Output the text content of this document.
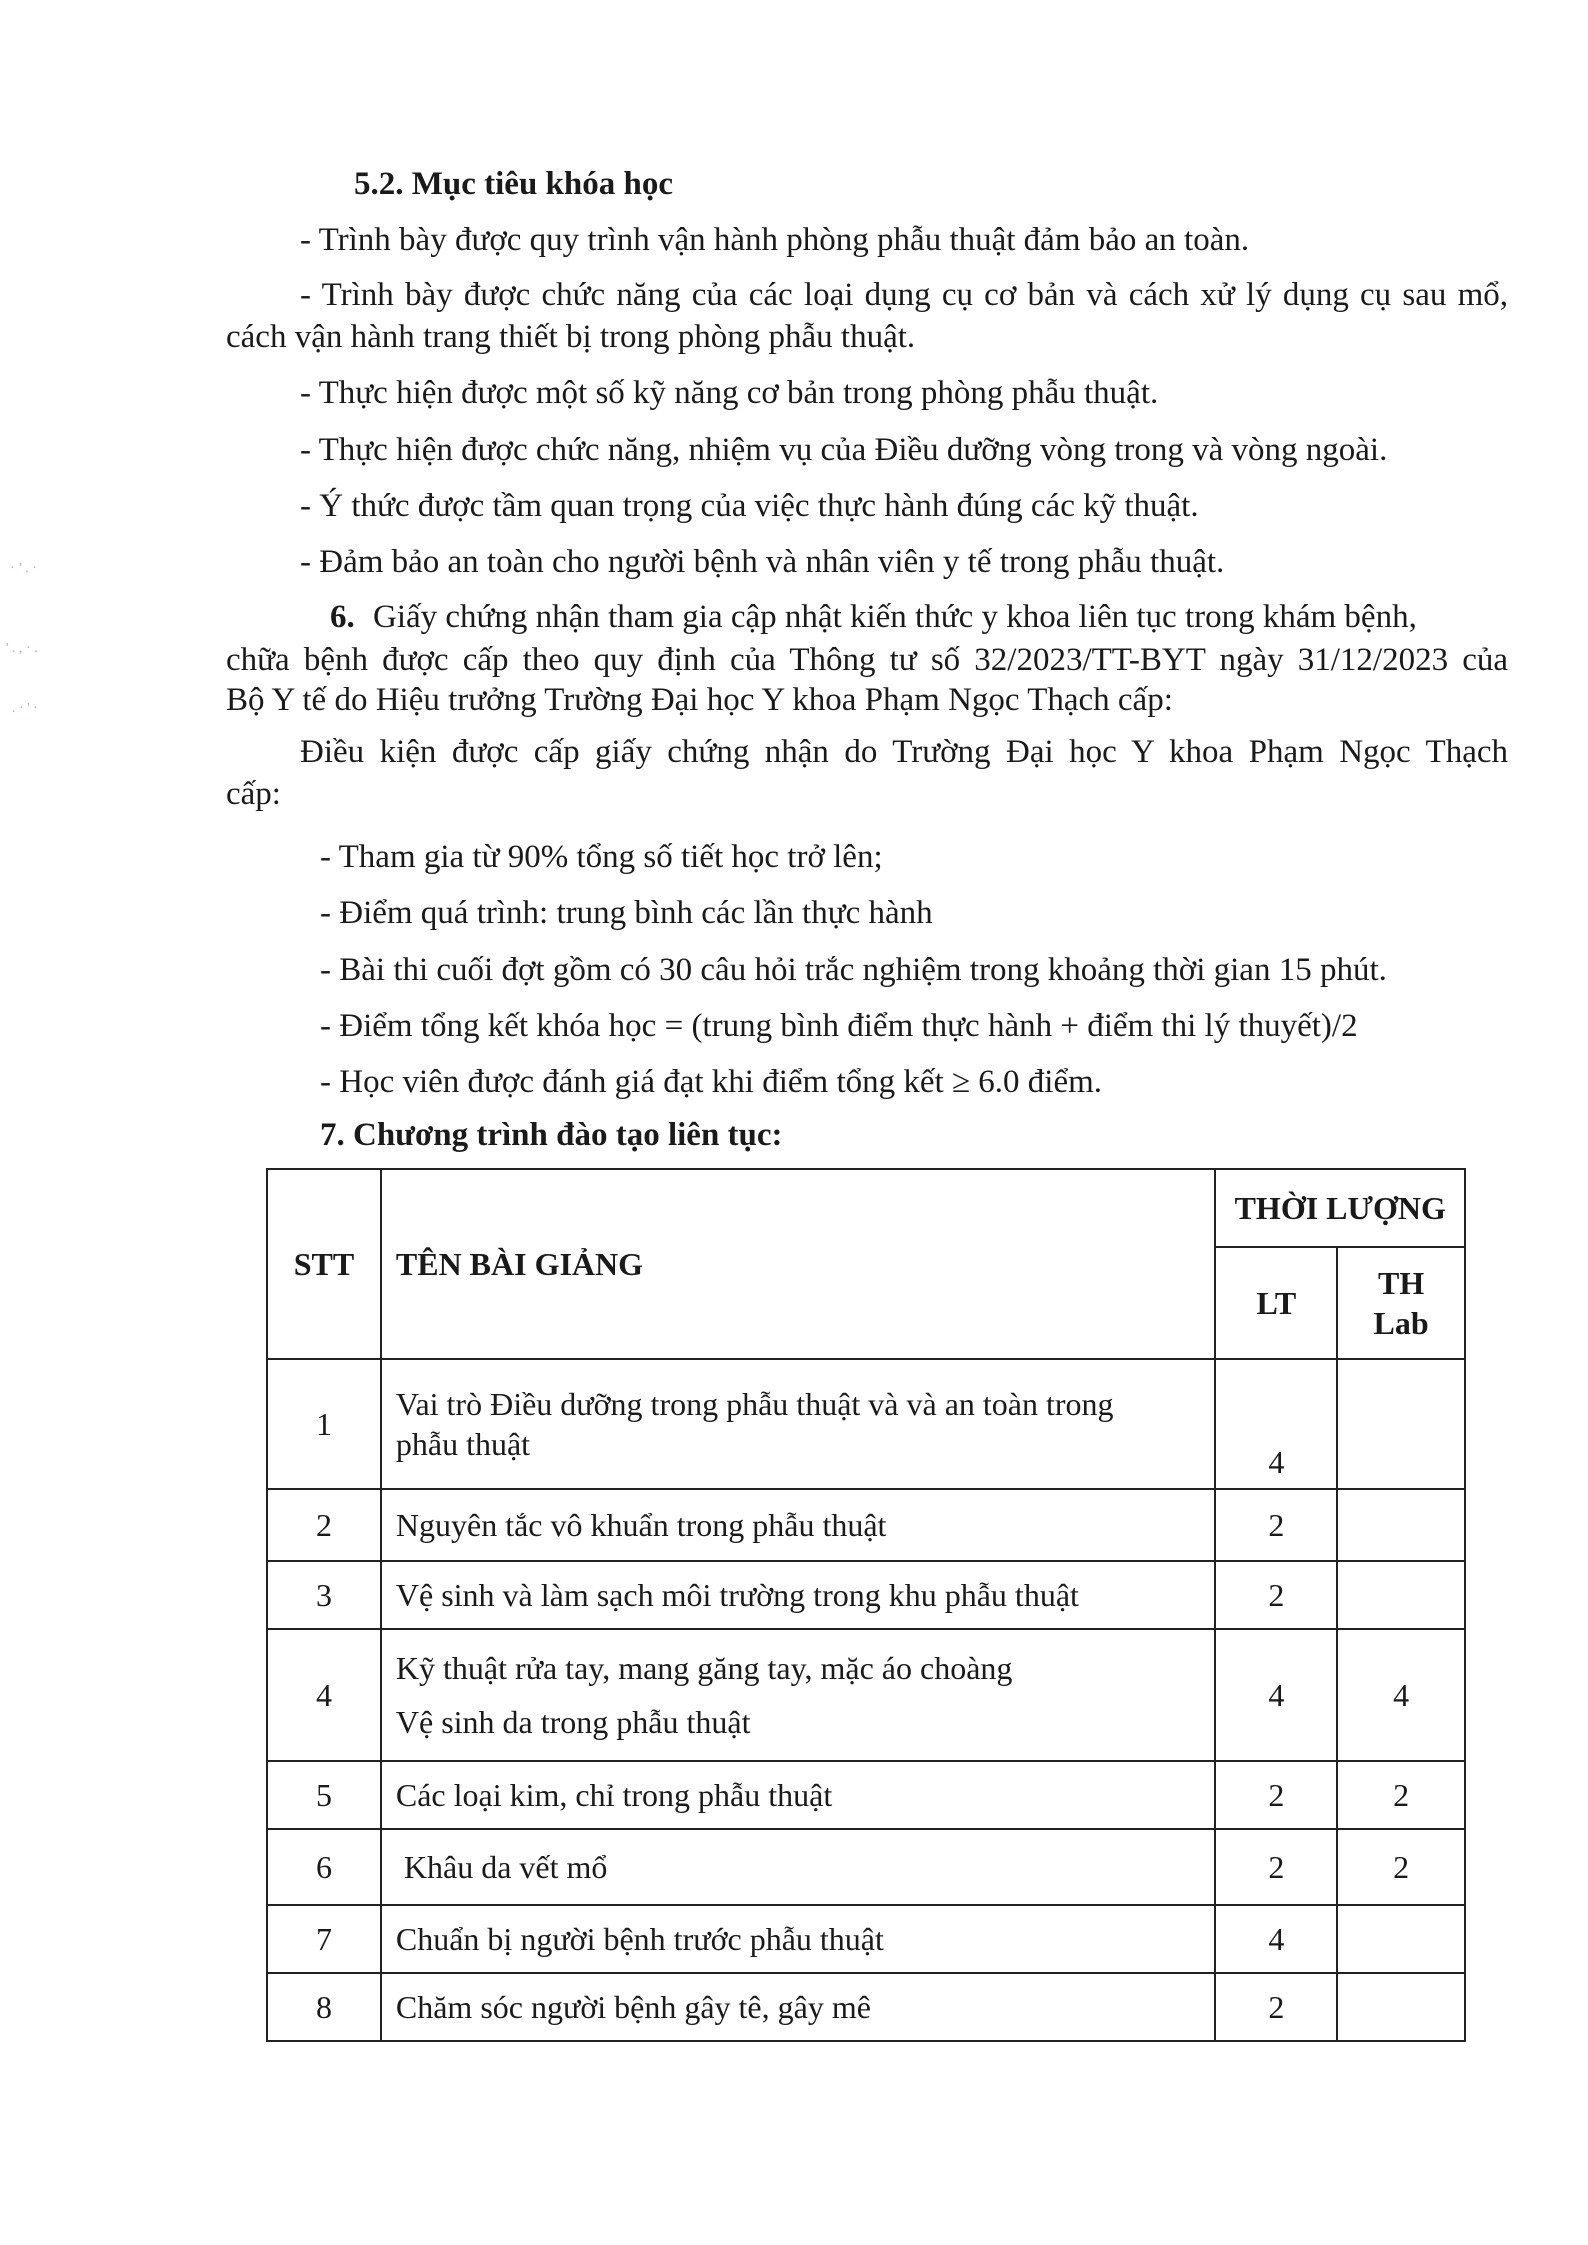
5.2. Mục tiêu khóa học
- Trình bày được quy trình vận hành phòng phẫu thuật đảm bảo an toàn.
- Trình bày được chức năng của các loại dụng cụ cơ bản và cách xử lý dụng cụ sau mổ,
cách vận hành trang thiết bị trong phòng phẫu thuật.
- Thực hiện được một số kỹ năng cơ bản trong phòng phẫu thuật.
- Thực hiện được chức năng, nhiệm vụ của Điều dưỡng vòng trong và vòng ngoài.
- Ý thức được tầm quan trọng của việc thực hành đúng các kỹ thuật.
- Đảm bảo an toàn cho người bệnh và nhân viên y tế trong phẫu thuật.
6. Giấy chứng nhận tham gia cập nhật kiến thức y khoa liên tục trong khám bệnh,
chữa bệnh được cấp theo quy định của Thông tư số 32/2023/TT-BYT ngày 31/12/2023 của
Bộ Y tế do Hiệu trưởng Trường Đại học Y khoa Phạm Ngọc Thạch cấp:
Điều kiện được cấp giấy chứng nhận do Trường Đại học Y khoa Phạm Ngọc Thạch
cấp:
- Tham gia từ 90% tổng số tiết học trở lên;
- Điểm quá trình: trung bình các lần thực hành
- Bài thi cuối đợt gồm có 30 câu hỏi trắc nghiệm trong khoảng thời gian 15 phút.
- Điểm tổng kết khóa học = (trung bình điểm thực hành + điểm thi lý thuyết)/2
- Học viên được đánh giá đạt khi điểm tổng kết ≥ 6.0 điểm.
7. Chương trình đào tạo liên tục:
STT	TÊN BÀI GIẢNG	THỜI LƯỢNG	
		LT	TH
Lab

1	Vai trò Điều dưỡng trong phẫu thuật và và an toàn trong
phẫu thuật	4	
2	Nguyên tắc vô khuẩn trong phẫu thuật	2	
3	Vệ sinh và làm sạch môi trường trong khu phẫu thuật	2	
4	Kỹ thuật rửa tay, mang găng tay, mặc áo choàng
Vệ sinh da trong phẫu thuật	4	4
5	Các loại kim, chỉ trong phẫu thuật	2	2
6	Khâu da vết mổ	2	2
7	Chuẩn bị người bệnh trước phẫu thuật	4	
8	Chăm sóc người bệnh gây tê, gây mê	2	
· ’ . ·
' . , · .
. · ' ·
